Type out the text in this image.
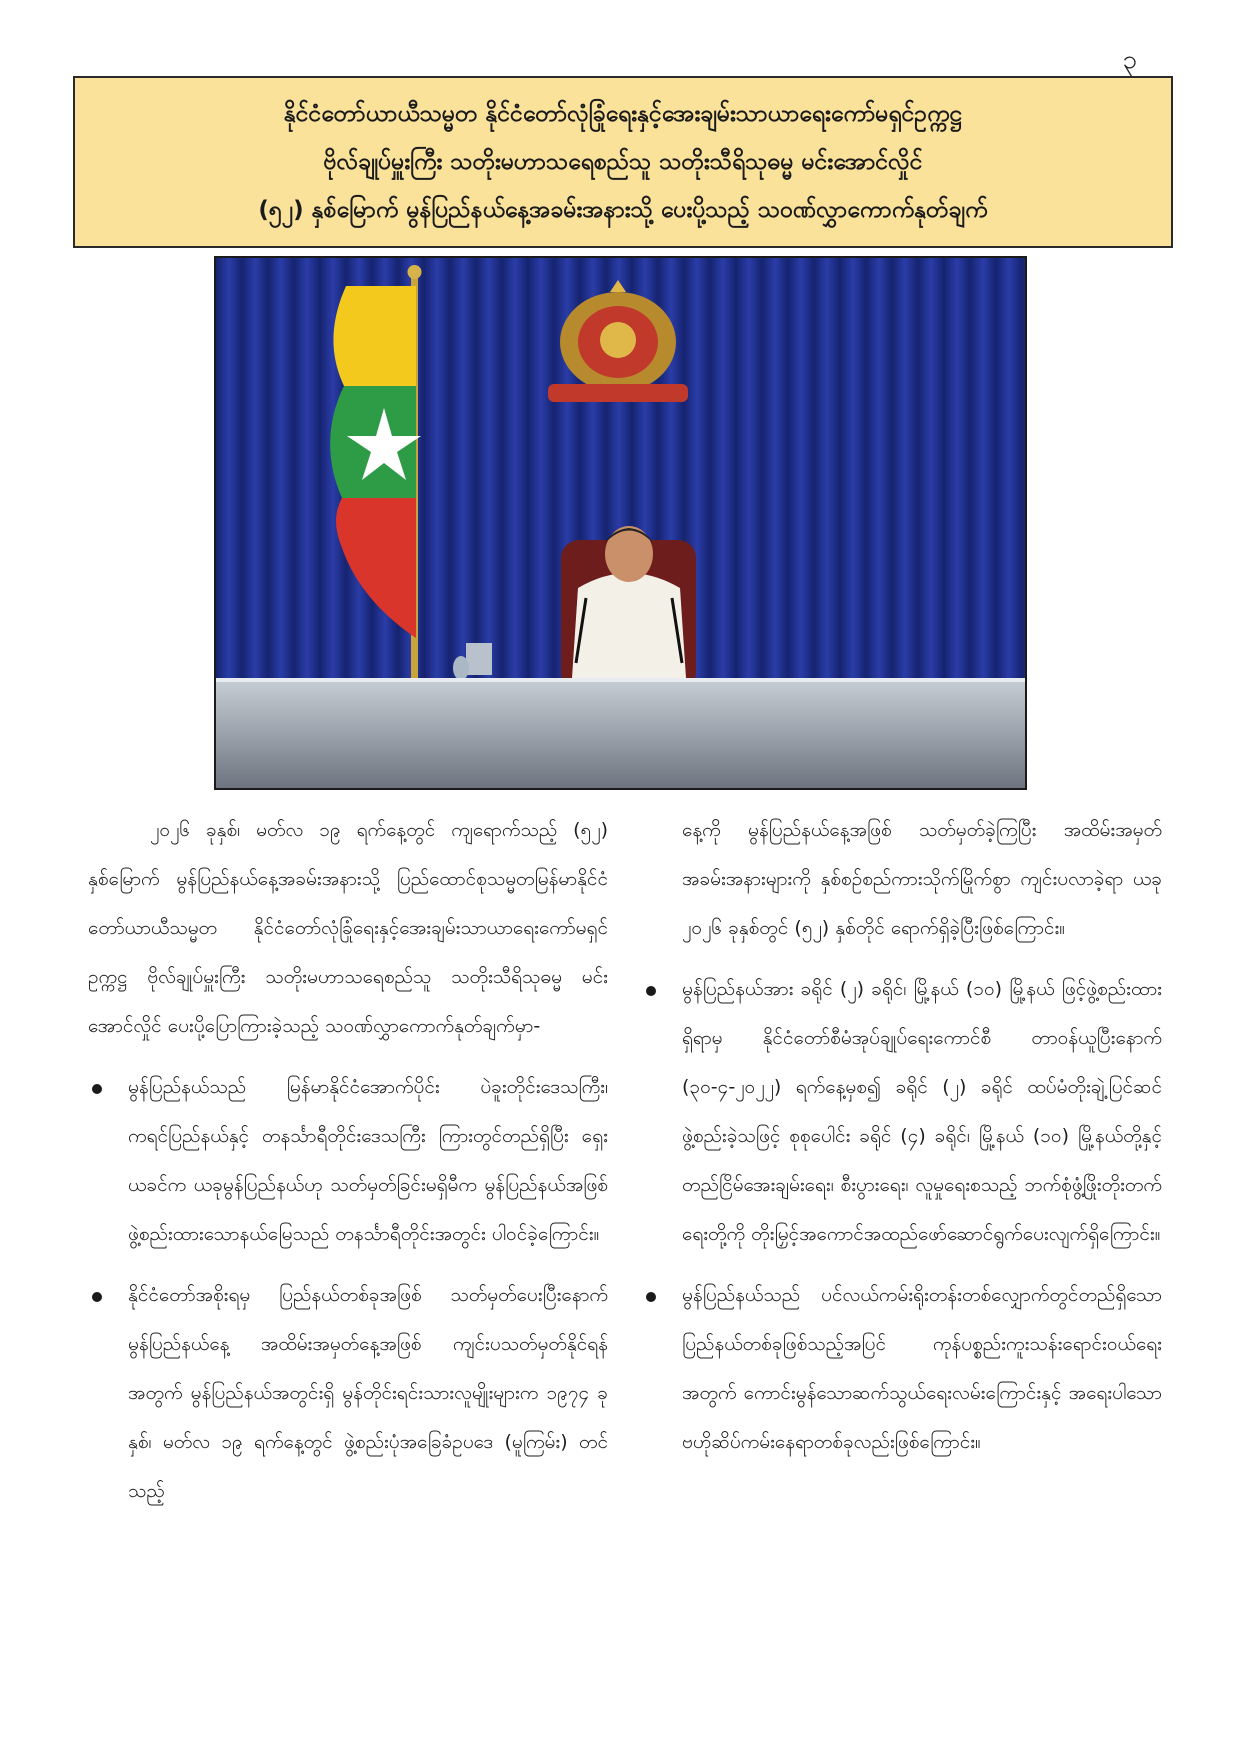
၃
နိုင်ငံတော်ယာယီသမ္မတ နိုင်ငံတော်လုံခြုံရေးနှင့်အေးချမ်းသာယာရေးကော်မရှင်ဥက္ကဋ္ဌ
ဗိုလ်ချုပ်မှူးကြီး သတိုးမဟာသရေစည်သူ သတိုးသီရိသုဓမ္မ မင်းအောင်လှိုင်
(၅၂) နှစ်မြောက် မွန်ပြည်နယ်နေ့အခမ်းအနားသို့ ပေးပို့သည့် သဝဏ်လွှာကောက်နုတ်ချက်

၂၀၂၆ ခုနှစ်၊ မတ်လ ၁၉ ရက်နေ့တွင် ကျရောက်သည့် (၅၂) နှစ်မြောက် မွန်ပြည်နယ်နေ့အခမ်းအနားသို့ ပြည်ထောင်စုသမ္မတမြန်မာနိုင်ငံတော်ယာယီသမ္မတ နိုင်ငံတော်လုံခြုံရေးနှင့်အေးချမ်းသာယာရေးကော်မရှင်ဥက္ကဋ္ဌ ဗိုလ်ချုပ်မှူးကြီး သတိုးမဟာသရေစည်သူ သတိုးသီရိသုဓမ္မ မင်းအောင်လှိုင် ပေးပို့ပြောကြားခဲ့သည့် သဝဏ်လွှာကောက်နုတ်ချက်မှာ-

မွန်ပြည်နယ်သည် မြန်မာနိုင်ငံအောက်ပိုင်း ပဲခူးတိုင်းဒေသကြီး၊ ကရင်ပြည်နယ်နှင့် တနင်္သာရီတိုင်းဒေသကြီး ကြားတွင်တည်ရှိပြီး ရှေးယခင်က ယခုမွန်ပြည်နယ်ဟု သတ်မှတ်ခြင်းမရှိမီက မွန်ပြည်နယ်အဖြစ် ဖွဲ့စည်းထားသောနယ်မြေသည် တနင်္သာရီတိုင်းအတွင်း ပါဝင်ခဲ့ကြောင်း။

နိုင်ငံတော်အစိုးရမှ ပြည်နယ်တစ်ခုအဖြစ် သတ်မှတ်ပေးပြီးနောက် မွန်ပြည်နယ်နေ့ အထိမ်းအမှတ်နေ့အဖြစ် ကျင်းပသတ်မှတ်နိုင်ရန်အတွက် မွန်ပြည်နယ်အတွင်းရှိ မွန်တိုင်းရင်းသားလူမျိုးများက ၁၉၇၄ ခုနှစ်၊ မတ်လ ၁၉ ရက်နေ့တွင် ဖွဲ့စည်းပုံအခြေခံဥပဒေ (မူကြမ်း) တင်သည့်

နေ့ကို မွန်ပြည်နယ်နေ့အဖြစ် သတ်မှတ်ခဲ့ကြပြီး အထိမ်းအမှတ်အခမ်းအနားများကို နှစ်စဉ်စည်ကားသိုက်မြိုက်စွာ ကျင်းပလာခဲ့ရာ ယခု ၂၀၂၆ ခုနှစ်တွင် (၅၂) နှစ်တိုင် ရောက်ရှိခဲ့ပြီးဖြစ်ကြောင်း။

မွန်ပြည်နယ်အား ခရိုင် (၂) ခရိုင်၊ မြို့နယ် (၁၀) မြို့နယ် ဖြင့်ဖွဲ့စည်းထားရှိရာမှ နိုင်ငံတော်စီမံအုပ်ချုပ်ရေးကောင်စီ တာဝန်ယူပြီးနောက် (၃၀-၄-၂၀၂၂) ရက်နေ့မှစ၍ ခရိုင် (၂) ခရိုင် ထပ်မံတိုးချဲ့ပြင်ဆင်ဖွဲ့စည်းခဲ့သဖြင့် စုစုပေါင်း ခရိုင် (၄) ခရိုင်၊ မြို့နယ် (၁၀) မြို့နယ်တို့နှင့် တည်ငြိမ်အေးချမ်းရေး၊ စီးပွားရေး၊ လူမှုရေးစသည့် ဘက်စုံဖွံ့ဖြိုးတိုးတက်ရေးတို့ကို တိုးမြှင့်အကောင်အထည်ဖော်ဆောင်ရွက်ပေးလျက်ရှိကြောင်း။

မွန်ပြည်နယ်သည် ပင်လယ်ကမ်းရိုးတန်းတစ်လျှောက်တွင်တည်ရှိသော ပြည်နယ်တစ်ခုဖြစ်သည့်အပြင် ကုန်ပစ္စည်းကူးသန်းရောင်းဝယ်ရေးအတွက် ကောင်းမွန်သောဆက်သွယ်ရေးလမ်းကြောင်းနှင့် အရေးပါသော ဗဟိုဆိပ်ကမ်းနေရာတစ်ခုလည်းဖြစ်ကြောင်း။
